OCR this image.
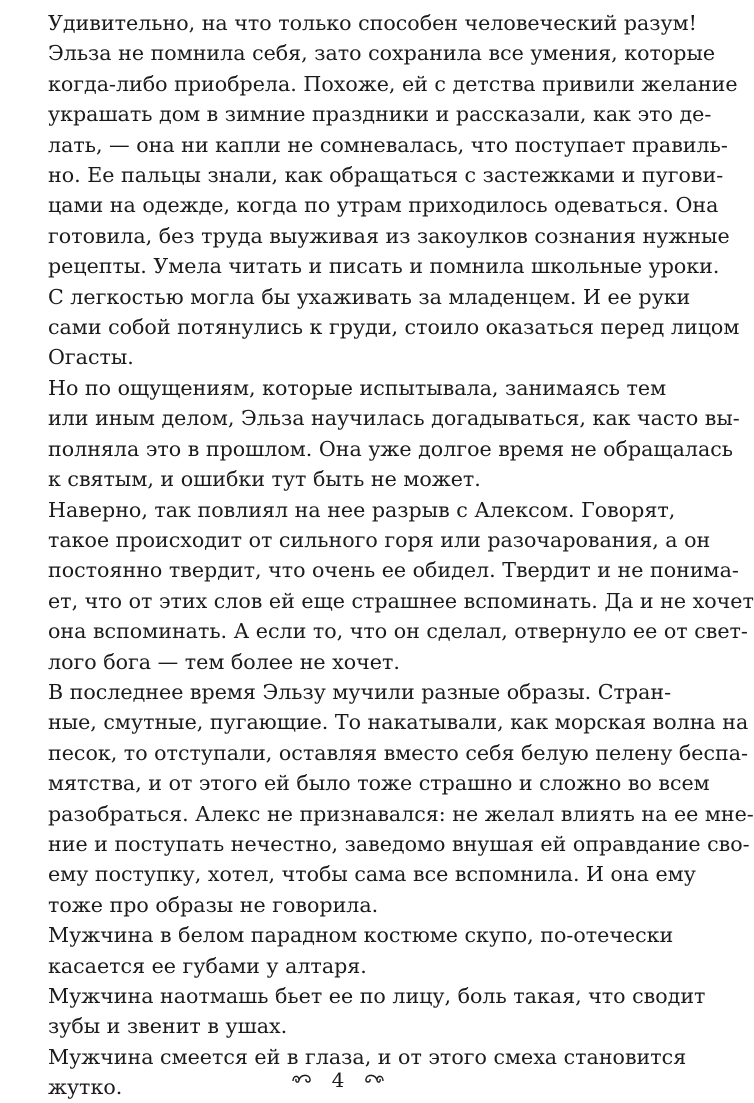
Удивительно, на что только способен человеческий разум!
Эльза не помнила себя, зато сохранила все умения, которые
когда-либо приобрела. Похоже, ей с детства привили желание
украшать дом в зимние праздники и рассказали, как это де-
лать, — она ни капли не сомневалась, что поступает правиль-
но. Ее пальцы знали, как обращаться с застежками и пугови-
цами на одежде, когда по утрам приходилось одеваться. Она
готовила, без труда выуживая из закоулков сознания нужные
рецепты. Умела читать и писать и помнила школьные уроки.
С легкостью могла бы ухаживать за младенцем. И ее руки
сами собой потянулись к груди, стоило оказаться перед лицом
Огасты.

Но по ощущениям, которые испытывала, занимаясь тем
или иным делом, Эльза научилась догадываться, как часто вы-
полняла это в прошлом. Она уже долгое время не обращалась
к святым, и ошибки тут быть не может.

Наверно, так повлиял на нее разрыв с Алексом. Говорят,
такое происходит от сильного горя или разочарования, а он
постоянно твердит, что очень ее обидел. Твердит и не понима-
ет, что от этих слов ей еще страшнее вспоминать. Да и не хочет
она вспоминать. А если то, что он сделал, отвернуло ее от свет-
лого бога — тем более не хочет.

В последнее время Эльзу мучили разные образы. Стран-
ные, смутные, пугающие. То накатывали, как морская волна на
песок, то отступали, оставляя вместо себя белую пелену беспа-
мятства, и от этого ей было тоже страшно и сложно во всем
разобраться. Алекс не признавался: не желал влиять на ее мне-
ние и поступать нечестно, заведомо внушая ей оправдание сво-
ему поступку, хотел, чтобы сама все вспомнила. И она ему
тоже про образы не говорила.

Мужчина в белом парадном костюме скупо, по-отечески
касается ее губами у алтаря.

Мужчина наотмашь бьет ее по лицу, боль такая, что сводит
зубы и звенит в ушах.

Мужчина смеется ей в глаза, и от этого смеха становится
жутко.	4
